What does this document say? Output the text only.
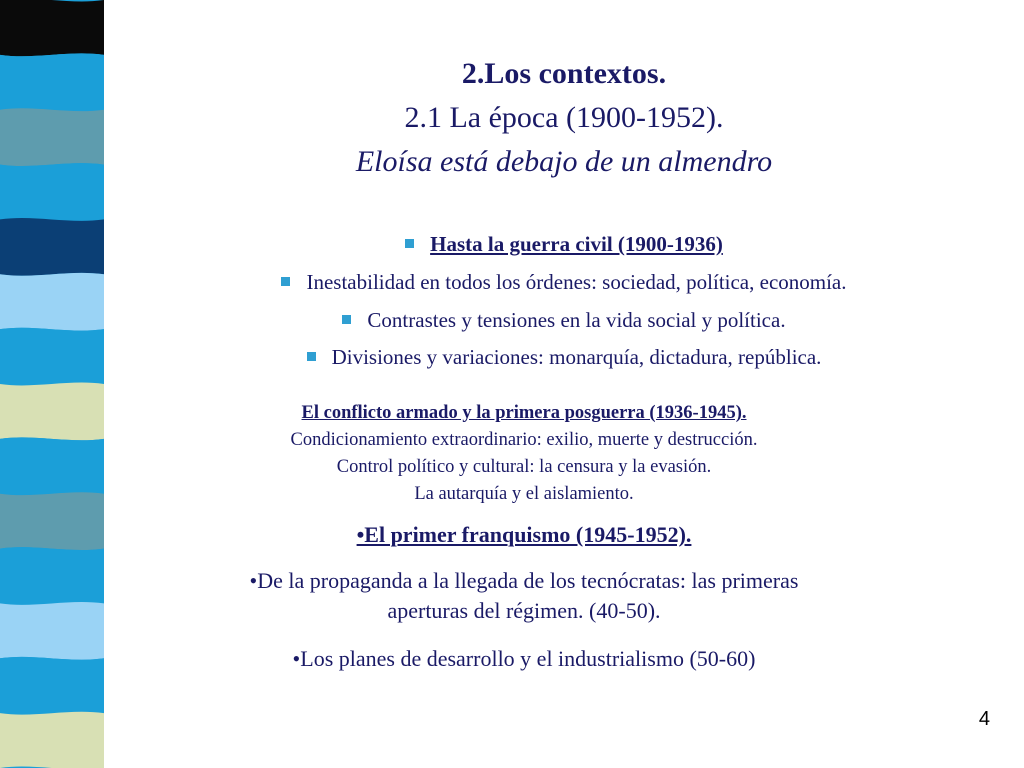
2.Los contextos.
2.1 La época (1900-1952).
Eloísa está debajo de un almendro
Hasta la guerra civil (1900-1936)
Inestabilidad en todos los órdenes: sociedad, política, economía.
Contrastes y tensiones en la vida social y política.
Divisiones y variaciones: monarquía, dictadura, república.
El conflicto armado y la primera posguerra (1936-1945).
Condicionamiento extraordinario: exilio, muerte y destrucción.
Control político y cultural: la censura y la evasión.
La autarquía y el aislamiento.
•El primer franquismo (1945-1952).
•De la propaganda a la llegada de los tecnócratas: las primeras
aperturas del régimen. (40-50).
•Los planes de desarrollo y el industrialismo (50-60)
4
